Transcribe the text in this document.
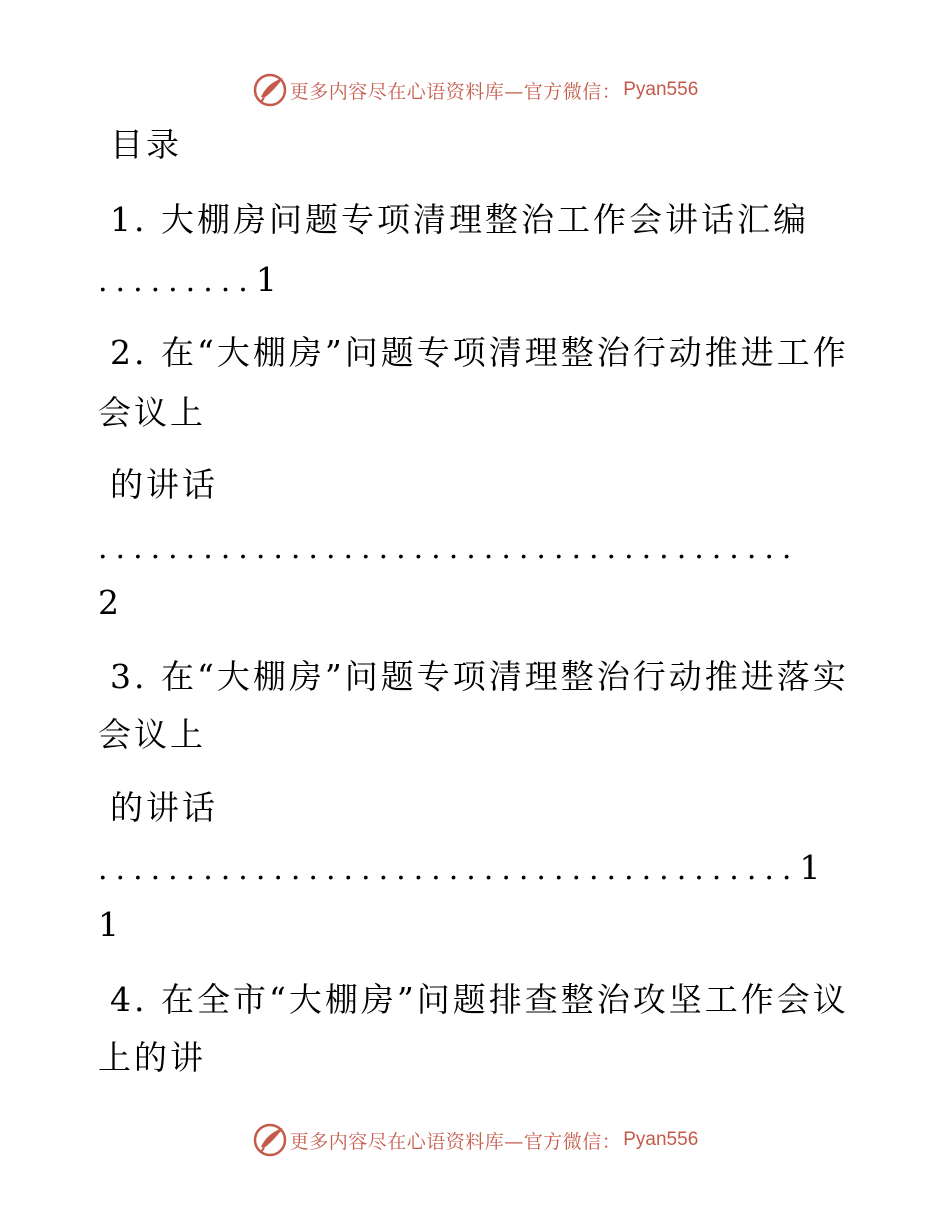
更多内容尽在心语资料库—官方微信： Pyan556
目录
1. 大棚房问题专项清理整治工作会讲话汇编
.........1
2. 在“大棚房”问题专项清理整治行动推进工作
会议上
的讲话
........................................
2
3. 在“大棚房”问题专项清理整治行动推进落实
会议上
的讲话
........................................1
1
4. 在全市“大棚房”问题排查整治攻坚工作会议
上的讲
更多内容尽在心语资料库—官方微信： Pyan556
